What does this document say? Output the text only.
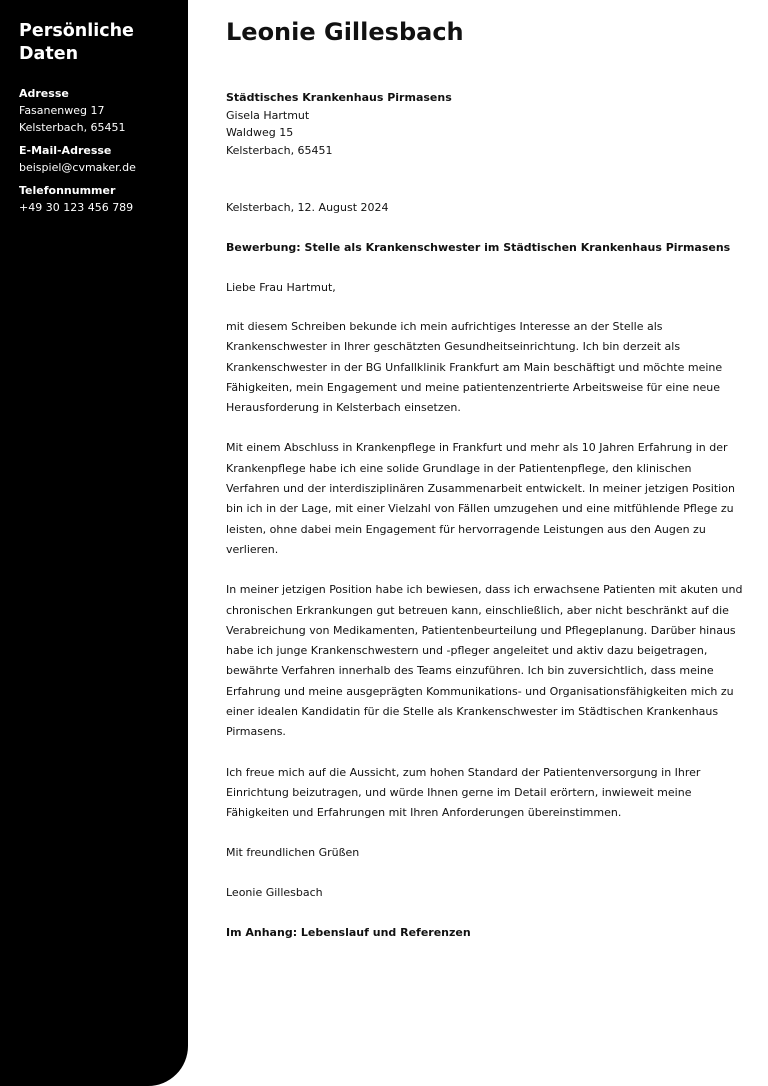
Persönliche Daten

Adresse

Fasanenweg 17

Kelsterbach, 65451

E-Mail-Adresse

beispiel@cvmaker.de

Telefonnummer

+49 30 123 456 789

Leonie Gillesbach
Städtisches Krankenhaus Pirmasens
Gisela Hartmut
Waldweg 15
Kelsterbach, 65451
Kelsterbach, 12. August 2024
Bewerbung: Stelle als Krankenschwester im Städtischen Krankenhaus Pirmasens
Liebe Frau Hartmut,

mit diesem Schreiben bekunde ich mein aufrichtiges Interesse an der Stelle als Krankenschwester in Ihrer geschätzten Gesundheitseinrichtung. Ich bin derzeit als Krankenschwester in der BG Unfallklinik Frankfurt am Main beschäftigt und möchte meine Fähigkeiten, mein Engagement und meine patientenzentrierte Arbeitsweise für eine neue Herausforderung in Kelsterbach einsetzen.

Mit einem Abschluss in Krankenpflege in Frankfurt und mehr als 10 Jahren Erfahrung in der Krankenpflege habe ich eine solide Grundlage in der Patientenpflege, den klinischen Verfahren und der interdisziplinären Zusammenarbeit entwickelt. In meiner jetzigen Position bin ich in der Lage, mit einer Vielzahl von Fällen umzugehen und eine mitfühlende Pflege zu leisten, ohne dabei mein Engagement für hervorragende Leistungen aus den Augen zu verlieren.

In meiner jetzigen Position habe ich bewiesen, dass ich erwachsene Patienten mit akuten und chronischen Erkrankungen gut betreuen kann, einschließlich, aber nicht beschränkt auf die Verabreichung von Medikamenten, Patientenbeurteilung und Pflegeplanung. Darüber hinaus habe ich junge Krankenschwestern und -pfleger angeleitet und aktiv dazu beigetragen, bewährte Verfahren innerhalb des Teams einzuführen. Ich bin zuversichtlich, dass meine Erfahrung und meine ausgeprägten Kommunikations- und Organisationsfähigkeiten mich zu einer idealen Kandidatin für die Stelle als Krankenschwester im Städtischen Krankenhaus Pirmasens.

Ich freue mich auf die Aussicht, zum hohen Standard der Patientenversorgung in Ihrer Einrichtung beizutragen, und würde Ihnen gerne im Detail erörtern, inwieweit meine Fähigkeiten und Erfahrungen mit Ihren Anforderungen übereinstimmen.

Mit freundlichen Grüßen
Leonie Gillesbach
Im Anhang: Lebenslauf und Referenzen
